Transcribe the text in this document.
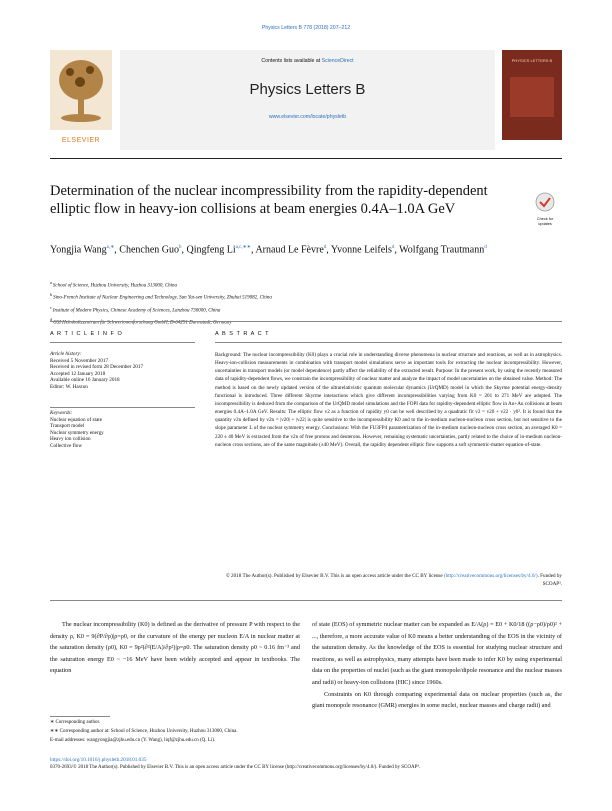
Physics Letters B 778 (2018) 207–212
ELSEVIER
Contents lists available at ScienceDirect
Physics Letters B
www.elsevier.com/locate/physletb
PHYSICS LETTERS B
Determination of the nuclear incompressibility from the rapidity-dependent elliptic flow in heavy-ion collisions at beam energies 0.4A–1.0A GeV
Check for updates
Yongjia Wang$^{a,∗}$, Chenchen Guo$^b$, Qingfeng $Li^{a,c,∗∗}$, Arnaud Le Fèvre$^d$, Yvonne Leifels$^d$, Wolfgang Trautmann$^d$
$^a$ School of Science, Huzhou University, Huzhou 313000, China
$^b$ Sino-French Institute of Nuclear Engineering and Technology, Sun Yat-sen University, Zhuhai 519082, China
$^c$ Institute of Modern Physics, Chinese Academy of Sciences, Lanzhou 730000, China
$^d$ GSI Helmholtzzentrum für Schwerionenforschung GmbH, D-64291 Darmstadt, Germany
A R T I C L E I N F O
Article history:
Received 5 November 2017
Received in revised form 28 December 2017
Accepted 12 January 2018
Available online 16 January 2018
Editor: W. Haxton
Keywords:
Nuclear equation of state
Transport model
Nuclear symmetry energy
Heavy ion collision
Collective flow
A B S T R A C T
Background: The nuclear incompressibility (K0) plays a crucial role in understanding diverse phenomena in nuclear structure and reactions, as well as in astrophysics. Heavy-ion-collision measurements in combination with transport model simulations serve as important tools for extracting the nuclear incompressibility. However, uncertainties in transport models (or model dependence) partly affect the reliability of the extracted result. Purpose: In the present work, by using the recently measured data of rapidity-dependent flows, we constrain the incompressibility of nuclear matter and analyze the impact of model uncertainties on the obtained value. Method: The method is based on the newly updated version of the ultrarelativistic quantum molecular dynamics (UrQMD) model in which the Skyrme potential energy-density functional is introduced. Three different Skyrme interactions which give different incompressibilities varying from K0 = 201 to 271 MeV are adopted. The incompressibility is deduced from the comparison of the UrQMD model simulations and the FOPI data for rapidity-dependent elliptic flow in Au+Au collisions at beam energies 0.4A–1.0A GeV. Results: The elliptic flow v2 as a function of rapidity y0 can be well described by a quadratic fit v2 = v20 + v22 · y0². It is found that the quantity v2n defined by v2n = |v20| + |v22| is quite sensitive to the incompressibility K0 and to the in-medium nucleon-nucleon cross section, but not sensitive to the slope parameter L of the nuclear symmetry energy. Conclusions: With the FU3FP4 parametrization of the in-medium nucleon-nucleon cross section, an averaged K0 = 220 ± 40 MeV is extracted from the v2n of free protons and deuterons. However, remaining systematic uncertainties, partly related to the choice of in-medium nucleon-nucleon cross sections, are of the same magnitude (±40 MeV). Overall, the rapidity dependent elliptic flow supports a soft symmetric-matter equation-of-state.
© 2018 The Author(s). Published by Elsevier B.V. This is an open access article under the CC BY license (http://creativecommons.org/licenses/by/4.0/). Funded by SCOAP³.
The nuclear incompressibility (K0) is defined as the derivative of pressure P with respect to the density ρ, K0 = 9(∂P/∂ρ)|ρ=ρ0, or the curvature of the energy per nucleon E/A in nuclear matter at the saturation density (ρ0), K0 = 9ρ²(∂²(E/A)/∂ρ²)|ρ=ρ0. The saturation density ρ0 ~ 0.16 fm⁻³ and the saturation energy E0 ~ −16 MeV have been widely accepted and appear in textbooks. The equation

of state (EOS) of symmetric nuclear matter can be expanded as E/A(ρ) = E0 + K0/18 ((ρ−ρ0)/ρ0)² + ..., therefore, a more accurate value of K0 means a better understanding of the EOS in the vicinity of the saturation density. As the knowledge of the EOS is essential for studying nuclear structure and reactions, as well as astrophysics, many attempts have been made to infer K0 by using experimental data on the properties of nuclei (such as the giant monopole/dipole resonance and the nuclear masses and radii) or heavy-ion collisions (HIC) since 1960s.

Constraints on K0 through comparing experimental data on nuclear properties (such as, the giant monopole resonance (GMR) energies in some nuclei, nuclear masses and charge radii) and

∗ Corresponding author.
∗∗ Corresponding author at: School of Science, Huzhou University, Huzhou 313000, China.
E-mail addresses: wangyongjia@zjhu.edu.cn (Y. Wang), liqf@zjhu.edu.cn (Q. Li).
https://doi.org/10.1016/j.physletb.2018.01.035
0370-2693/© 2018 The Author(s). Published by Elsevier B.V. This is an open access article under the CC BY license (http://creativecommons.org/licenses/by/4.0/). Funded by SCOAP³.
